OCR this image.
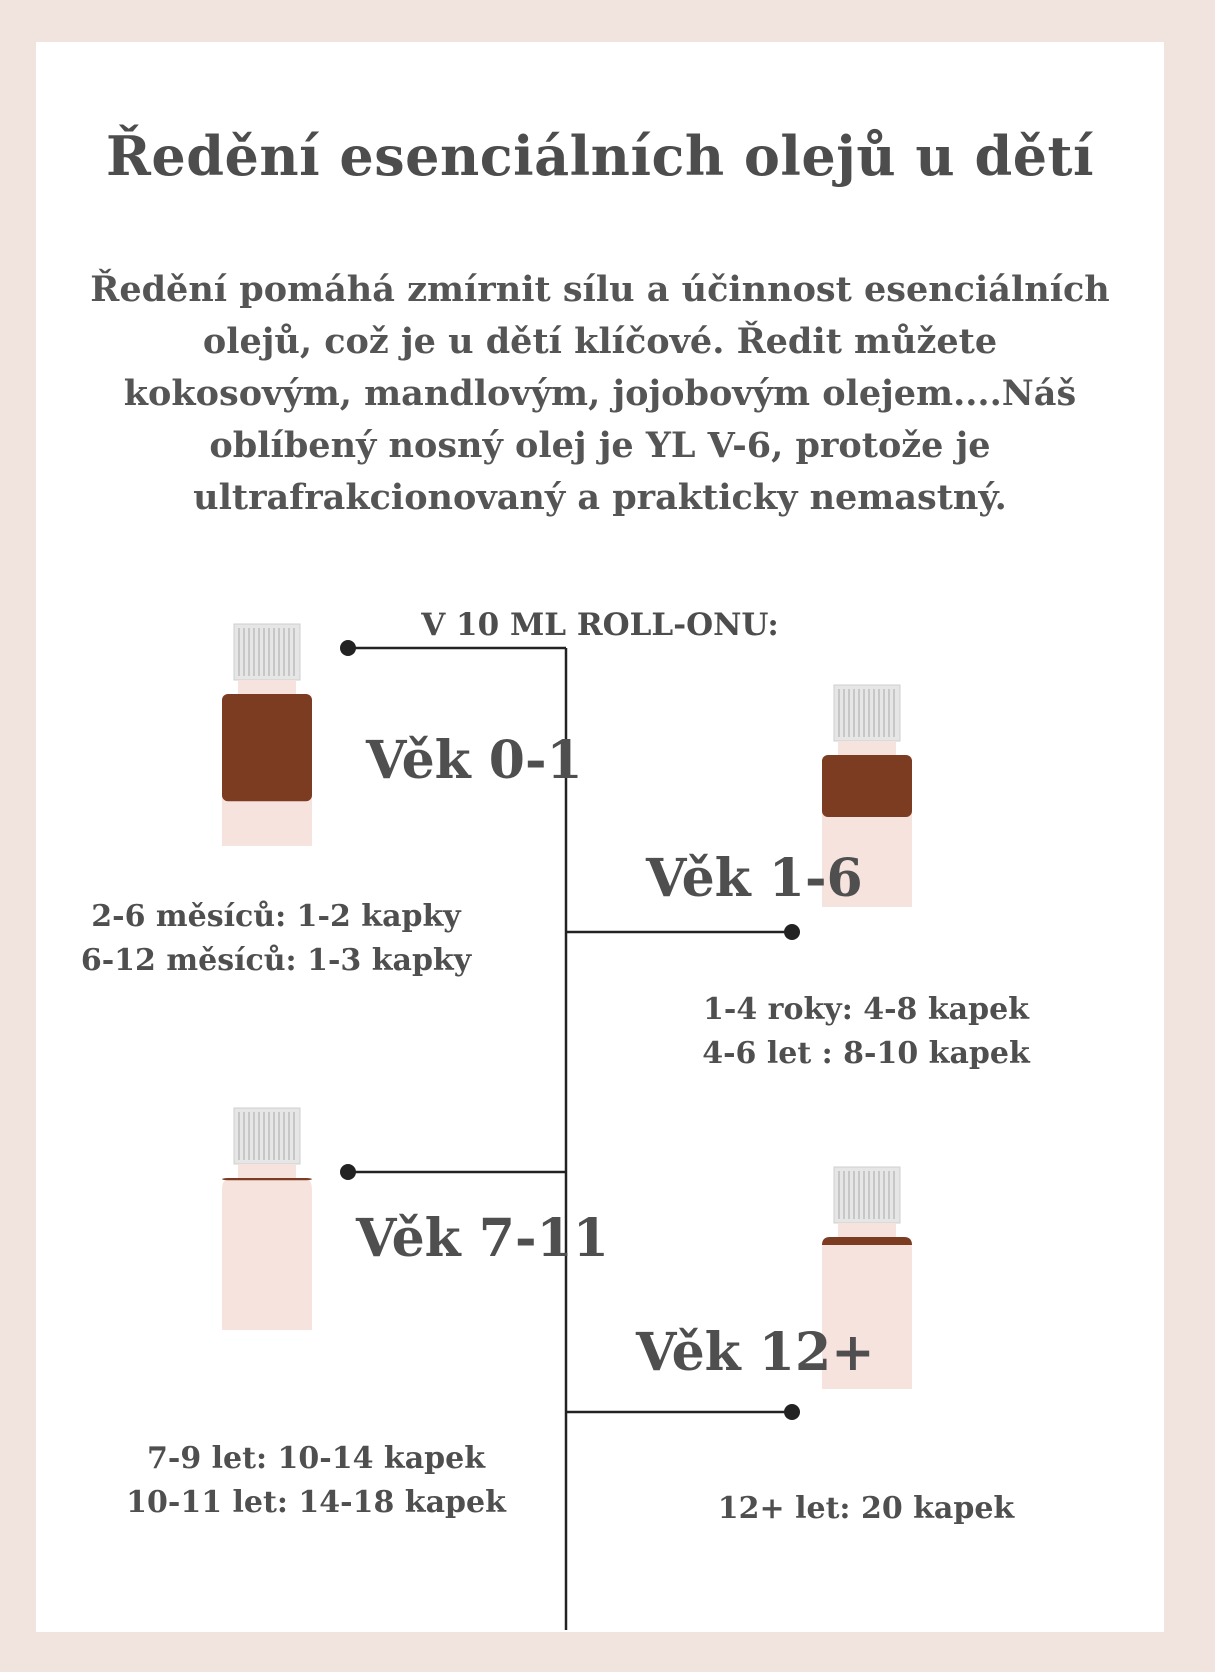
Ředění esenciálních olejů u dětí

Ředění pomáhá zmírnit sílu a účinnost esenciálních olejů, což je u dětí klíčové. Ředit můžete kokosovým, mandlovým, jojobovým olejem....Náš oblíbený nosný olej je YL V-6, protože je ultrafrakcionovaný a prakticky nemastný.

V 10 ML ROLL-ONU:
Věk 0-1
Věk 1-6
Věk 7-11
Věk 12+
2-6 měsíců: 1-2 kapky
6-12 měsíců: 1-3 kapky
1-4 roky: 4-8 kapek
4-6 let : 8-10 kapek
7-9 let: 10-14 kapek
10-11 let: 14-18 kapek	12+ let: 20 kapek
